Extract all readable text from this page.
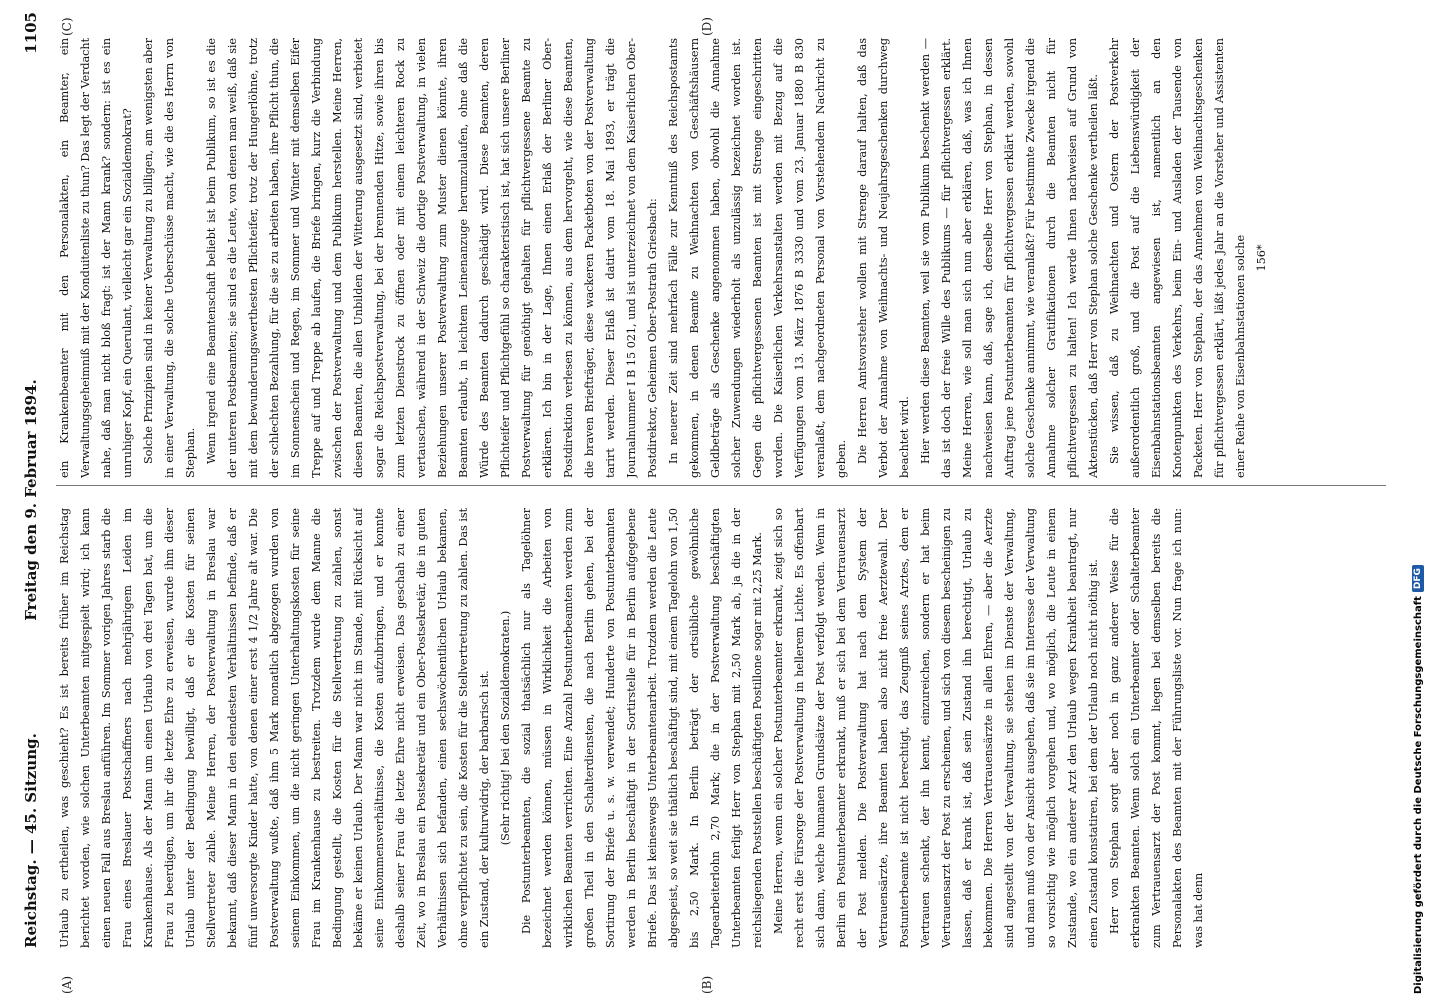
Reichstag. — 45. Sitzung.
Freitag den 9. Februar 1894.
1105
(A)	(B)
(C)	(D)

Urlaub zu ertheilen, was geschieht? Es ist bereits früher im Reichstag berichtet worden, wie solchen Unterbeamten mitgespielt wird; ich kann einen neuen Fall aus Breslau anführen. Im Sommer vorigen Jahres starb die Frau eines Breslauer Postschaffners nach mehrjährigem Leiden im Krankenhause. Als der Mann um einen Urlaub von drei Tagen bat, um die Frau zu beerdigen, um ihr die letzte Ehre zu erweisen, wurde ihm dieser Urlaub unter der Bedingung bewilligt, daß er die Kosten für seinen Stellvertreter zahle. Meine Herren, der Postverwaltung in Breslau war bekannt, daß dieser Mann in den elendesten Verhältnissen befinde, daß er fünf unversorgte Kinder hatte, von denen einer erst 4 1/2 Jahre alt war. Die Postverwaltung wußte, daß ihm 5 Mark monatlich abgezogen wurden von seinem Einkommen, um die nicht geringen Unterhaltungskosten für seine Frau im Krankenhause zu bestreiten. Trotzdem wurde dem Manne die Bedingung gestellt, die Kosten für die Stellvertretung zu zahlen, sonst bekäme er keinen Urlaub. Der Mann war nicht im Stande, mit Rücksicht auf seine Einkommensverhältnisse, die Kosten aufzubringen, und er konnte deshalb seiner Frau die letzte Ehre nicht erweisen. Das geschah zu einer Zeit, wo in Breslau ein Postsekretär und ein Ober-Postsekretär, die in guten Verhältnissen sich befanden, einen sechswöchentlichen Urlaub bekamen, ohne verpflichtet zu sein, die Kosten für die Stellvertretung zu zahlen. Das ist ein Zustand, der kulturwidrig, der barbarisch ist. (Sehr richtig! bei den Sozialdemokraten.) Die Postunterbeamten, die sozial thatsächlich nur als Tagelöhner bezeichnet werden können, müssen in Wirklichkeit die Arbeiten von wirklichen Beamten verrichten. Eine Anzahl Postunterbeamten werden zum großen Theil in den Schalterdiensten, die nach Berlin gehen, bei der Sortirung der Briefe u. s. w. verwendet; Hunderte von Postunterbeamten werden in Berlin beschäftigt in der Sortirstelle für in Berlin aufgegebene Briefe. Das ist keineswegs Unterbeamtenarbeit. Trotzdem werden die Leute abgespeist, so weit sie thätlich beschäftigt sind, mit einem Tagelohn von 1,50 bis 2,50 Mark. In Berlin beträgt der ortsübliche gewöhnliche Tagearbeiterlohn 2,70 Mark; die in der Postverwaltung beschäftigten Unterbeamten ferligt Herr von Stephan mit 2,50 Mark ab, ja die in der reichsliegenden Poststellen beschäftigten Postillone sogar mit 2,25 Mark. Meine Herren, wenn ein solcher Postunterbeamter erkrankt, zeigt sich so recht erst die Fürsorge der Postverwaltung in hellerem Lichte. Es offenbart sich dann, welche humanen Grundsätze der Post verfolgt werden. Wenn in Berlin ein Postunterbeamter erkrankt, muß er sich bei dem Vertrauensarzt der Post melden. Die Postverwaltung hat nach dem System der Vertrauensärzte, ihre Beamten haben also nicht freie Aerztewahl. Der Postunterbeamte ist nicht berechtigt, das Zeugniß seines Arztes, dem er Vertrauen schenkt, der ihn kennt, einzureichen, sondern er hat beim Vertrauensarzt der Post zu erscheinen, und sich von diesem bescheinigen zu lassen, daß er krank ist, daß sein Zustand ihn berechtigt, Urlaub zu bekommen. Die Herren Vertrauensärzte in allen Ehren, — aber die Aerzte sind angestellt von der Verwaltung, sie stehen im Dienste der Verwaltung, und man muß von der Ansicht ausgehen, daß sie im Interesse der Verwaltung so vorsichtig wie möglich vorgehen und, wo möglich, die Leute in einem Zustande, wo ein anderer Arzt den Urlaub wegen Krankheit beantragt, nur einen Zustand konstatiren, bei dem der Urlaub noch nicht nöthig ist. Herr von Stephan sorgt aber noch in ganz anderer Weise für die erkrankten Beamten. Wenn solch ein Unterbeamter oder Schalterbeamter zum Vertrauensarzt der Post kommt, liegen bei demselben bereits die Personalakten des Beamten mit der Führungsliste vor. Nun frage ich nun: was hat denn

ein Krankenbeamter mit den Personalakten, ein Beamter, ein Verwaltungsgeheimniß mit der Konduitenliste zu thun? Das legt der Verdacht nahe, daß man nicht bloß fragt: ist der Mann krank? sondern: ist es ein unruhiger Kopf, ein Querulant, vielleicht gar ein Sozialdemokrat? Solche Prinzipien sind in keiner Verwaltung zu billigen, am wenigsten aber in einer Verwaltung, die solche Ueberschüsse macht, wie die des Herrn von Stephan. Wenn irgend eine Beamtenschaft beliebt ist beim Publikum, so ist es die der unteren Postbeamten; sie sind es die Leute, von denen man weiß, daß sie mit dem bewunderungswerthesten Pflichteifer, trotz der Hungerlöhne, trotz der schlechten Bezahlung, für die sie zu arbeiten haben, ihre Pflicht thun, die im Sonnenschein und Regen, im Sommer und Winter mit demselben Eifer Treppe auf und Treppe ab laufen, die Briefe bringen, kurz die Verbindung zwischen der Postverwaltung und dem Publikum herstellen. Meine Herren, diesen Beamten, die allen Unbilden der Witterung ausgesetzt sind, verbietet sogar die Reichspostverwaltung, bei der brennenden Hitze, sowie ihren bis zum letzten Dienstrock zu öffnen oder mit einem leichteren Rock zu vertauschen, während in der Schweiz die dortige Postverwaltung, in vielen Beziehungen unserer Postverwaltung zum Muster dienen könnte, ihren Beamten erlaubt, in leichtem Leinenanzuge herumzulaufen, ohne daß die Würde des Beamten dadurch geschädigt wird. Diese Beamten, deren Pflichteifer und Pflichtgefühl so charakteristisch ist, hat sich unsere Berliner Postverwaltung für genöthigt gehalten für pflichtvergessene Beamte zu erklären. Ich bin in der Lage, Ihnen einen Erlaß der Berliner Ober-Postdirektion verlesen zu können, aus dem hervorgeht, wie diese Beamten, die braven Briefträger, diese wackeren Packetboten von der Postverwaltung tarirt werden. Dieser Erlaß ist datirt vom 18. Mai 1893, er trägt die Journalnummer I B 15 021, und ist unterzeichnet von dem Kaiserlichen Ober-Postdirektor, Geheimen Ober-Postrath Griesbach: In neuerer Zeit sind mehrfach Fälle zur Kenntniß des Reichspostamts gekommen, in denen Beamte zu Weihnachten von Geschäftshäusern Geldbeträge als Geschenke angenommen haben, obwohl die Annahme solcher Zuwendungen wiederholt als unzulässig bezeichnet worden ist. Gegen die pflichtvergessenen Beamten ist mit Strenge eingeschritten worden. Die Kaiserlichen Verkehrsanstalten werden mit Bezug auf die Verfügungen vom 13. März 1876 B 3330 und vom 23. Januar 1880 B 830 veranlaßt, dem nachgeordneten Personal von Vorstehendem Nachricht zu geben. Die Herren Amtsvorsteher wollen mit Strenge darauf halten, daß das Verbot der Annahme von Weihnachts- und Neujahrsgeschenken durchweg beachtet wird. Hier werden diese Beamten, weil sie vom Publikum beschenkt werden — das ist doch der freie Wille des Publikums — für pflichtvergessen erklärt. Meine Herren, wie soll man sich nun aber erklären, daß, was ich Ihnen nachweisen kann, daß, sage ich, derselbe Herr von Stephan, in dessen Auftrag jene Postunterbeamten für pflichtvergessen erklärt werden, sowohl solche Geschenke annimmt, wie veranlaßt? Für bestimmte Zwecke irgend die Annahme solcher Gratifikationen durch die Beamten nicht für pflichtvergessen zu halten! Ich werde Ihnen nachweisen auf Grund von Aktenstücken, daß Herr von Stephan solche Geschenke vertheilen läßt. Sie wissen, daß zu Weihnachten und Ostern der Postverkehr außerordentlich groß, und die Post auf die Liebenswürdigkeit der Eisenbahnstationsbeamten angewiesen ist, namentlich an den Knotenpunkten des Verkehrs, beim Ein- und Ausladen der Tausende von Packeten. Herr von Stephan, der das Annehmen von Weihnachtsgeschenken für pflichtvergessen erklärt, läßt jedes Jahr an die Vorsteher und Assistenten einer Reihe von Eisenbahnstationen solche 156*

Digitalisierung gefördert durch die Deutsche Forschungsgemeinschaft
DFG
